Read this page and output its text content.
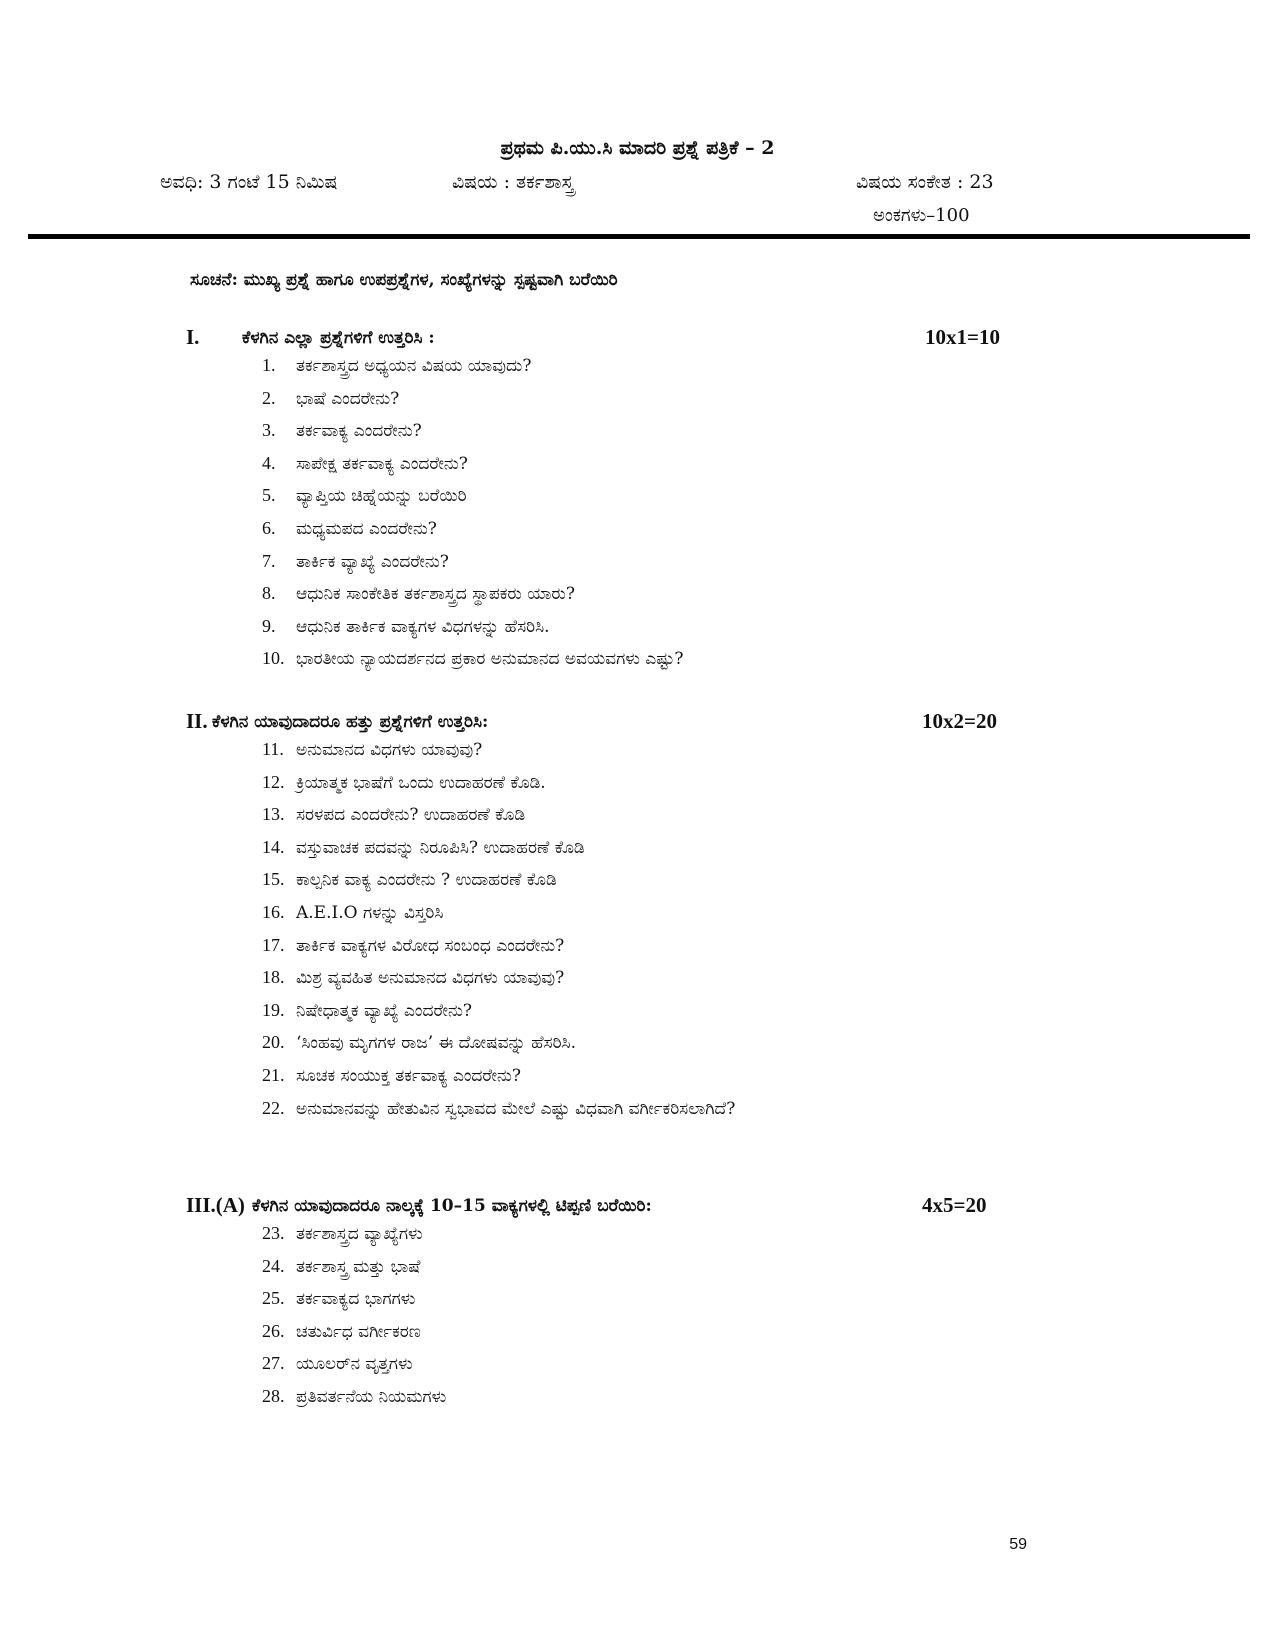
ಪ್ರಥಮ ಪಿ.ಯು.ಸಿ ಮಾದರಿ ಪ್ರಶ್ನೆ ಪತ್ರಿಕೆ – 2
ಅವಧಿ: 3 ಗಂಟೆ 15 ನಿಮಿಷ	ವಿಷಯ : ತರ್ಕಶಾಸ್ತ್ರ	ವಿಷಯ ಸಂಕೇತ : 23
ಅಂಕಗಳು–100
ಸೂಚನೆ: ಮುಖ್ಯ ಪ್ರಶ್ನೆ ಹಾಗೂ ಉಪಪ್ರಶ್ನೆಗಳ, ಸಂಖ್ಯೆಗಳನ್ನು ಸ್ಪಷ್ಟವಾಗಿ ಬರೆಯಿರಿ
I.	ಕೆಳಗಿನ ಎಲ್ಲಾ ಪ್ರಶ್ನೆಗಳಿಗೆ ಉತ್ತರಿಸಿ :	10x1=10
1.	ತರ್ಕಶಾಸ್ತ್ರದ ಅಧ್ಯಯನ ವಿಷಯ ಯಾವುದು?
2.	ಭಾಷೆ ಎಂದರೇನು?
3.	ತರ್ಕವಾಕ್ಯ ಎಂದರೇನು?
4.	ಸಾಪೇಕ್ಷ ತರ್ಕವಾಕ್ಯ ಎಂದರೇನು?
5.	ವ್ಯಾಪ್ತಿಯ ಚಿಹ್ನೆಯನ್ನು ಬರೆಯಿರಿ
6.	ಮಧ್ಯಮಪದ ಎಂದರೇನು?
7.	ತಾರ್ಕಿಕ ವ್ಯಾಖ್ಯೆ ಎಂದರೇನು?
8.	ಆಧುನಿಕ ಸಾಂಕೇತಿಕ ತರ್ಕಶಾಸ್ತ್ರದ ಸ್ಥಾಪಕರು ಯಾರು?
9.	ಆಧುನಿಕ ತಾರ್ಕಿಕ ವಾಕ್ಯಗಳ ವಿಧಗಳನ್ನು ಹೆಸರಿಸಿ.
10. ಭಾರತೀಯ ನ್ಯಾಯದರ್ಶನದ ಪ್ರಕಾರ ಅನುಮಾನದ ಅವಯವಗಳು ಎಷ್ಟು?
II. ಕೆಳಗಿನ ಯಾವುದಾದರೂ ಹತ್ತು ಪ್ರಶ್ನೆಗಳಿಗೆ ಉತ್ತರಿಸಿ:	10x2=20
11. ಅನುಮಾನದ ವಿಧಗಳು ಯಾವುವು?
12. ಕ್ರಿಯಾತ್ಮಕ ಭಾಷೆಗೆ ಒಂದು ಉದಾಹರಣೆ ಕೊಡಿ.
13. ಸರಳಪದ ಎಂದರೇನು? ಉದಾಹರಣೆ ಕೊಡಿ
14. ವಸ್ತುವಾಚಕ ಪದವನ್ನು ನಿರೂಪಿಸಿ? ಉದಾಹರಣೆ ಕೊಡಿ
15. ಕಾಲ್ಪನಿಕ ವಾಕ್ಯ ಎಂದರೇನು ? ಉದಾಹರಣೆ ಕೊಡಿ
16. A.E.I.O ಗಳನ್ನು ವಿಸ್ತರಿಸಿ
17. ತಾರ್ಕಿಕ ವಾಕ್ಯಗಳ ವಿರೋಧ ಸಂಬಂಧ ಎಂದರೇನು?
18. ಮಿಶ್ರ ವ್ಯವಹಿತ ಅನುಮಾನದ ವಿಧಗಳು ಯಾವುವು?
19. ನಿಷೇಧಾತ್ಮಕ ವ್ಯಾಖ್ಯೆ ಎಂದರೇನು?
20. ‘ಸಿಂಹವು ಮೃಗಗಳ ರಾಜ’ ಈ ದೋಷವನ್ನು ಹೆಸರಿಸಿ.
21. ಸೂಚಕ ಸಂಯುಕ್ತ ತರ್ಕವಾಕ್ಯ ಎಂದರೇನು?
22. ಅನುಮಾನವನ್ನು ಹೇತುವಿನ ಸ್ವಭಾವದ ಮೇಲೆ ಎಷ್ಟು ವಿಧವಾಗಿ ವರ್ಗೀಕರಿಸಲಾಗಿದೆ?
III.(A) ಕೆಳಗಿನ ಯಾವುದಾದರೂ ನಾಲ್ಕಕ್ಕೆ 10–15 ವಾಕ್ಯಗಳಲ್ಲಿ ಟಿಪ್ಪಣಿ ಬರೆಯಿರಿ:	4x5=20
23. ತರ್ಕಶಾಸ್ತ್ರದ ವ್ಯಾಖ್ಯೆಗಳು
24. ತರ್ಕಶಾಸ್ತ್ರ ಮತ್ತು ಭಾಷೆ
25. ತರ್ಕವಾಕ್ಯದ ಭಾಗಗಳು
26. ಚತುರ್ವಿಧ ವರ್ಗೀಕರಣ
27. ಯೂಲರ್‌ನ ವೃತ್ತಗಳು
28. ಪ್ರತಿವರ್ತನೆಯ ನಿಯಮಗಳು
59
